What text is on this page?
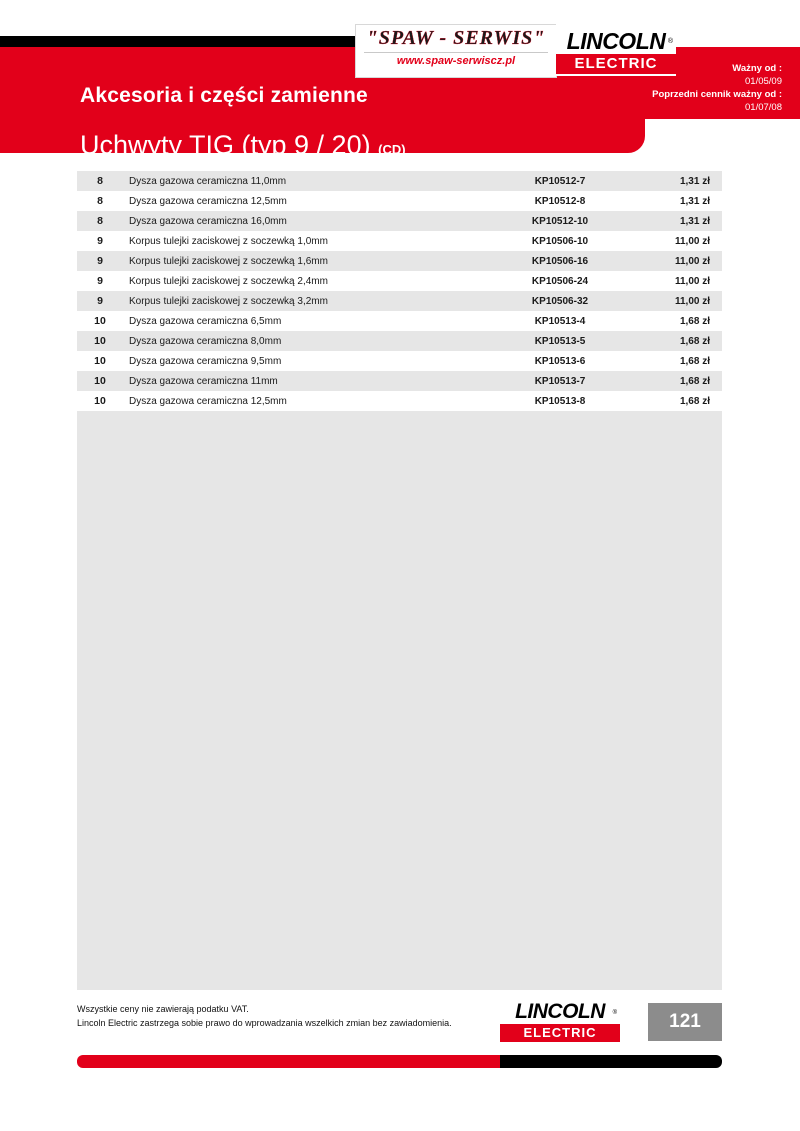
Akcesoria i części zamienne
Uchwyty TIG (typ 9 / 20) (CD)
Ważny od :
01/05/09
Poprzedni cennik ważny od :
01/07/08
"SPAW - SERWIS"
www.spaw-serwiscz.pl
LINCOLN ®
ELECTRIC
8	Dysza gazowa ceramiczna 11,0mm	KP10512-7	1,31 zł
8	Dysza gazowa ceramiczna 12,5mm	KP10512-8	1,31 zł
8	Dysza gazowa ceramiczna 16,0mm	KP10512-10	1,31 zł
9	Korpus tulejki zaciskowej z soczewką 1,0mm	KP10506-10	11,00 zł
9	Korpus tulejki zaciskowej z soczewką 1,6mm	KP10506-16	11,00 zł
9	Korpus tulejki zaciskowej z soczewką 2,4mm	KP10506-24	11,00 zł
9	Korpus tulejki zaciskowej z soczewką 3,2mm	KP10506-32	11,00 zł
10	Dysza gazowa ceramiczna 6,5mm	KP10513-4	1,68 zł
10	Dysza gazowa ceramiczna 8,0mm	KP10513-5	1,68 zł
10	Dysza gazowa ceramiczna 9,5mm	KP10513-6	1,68 zł
10	Dysza gazowa ceramiczna 11mm	KP10513-7	1,68 zł
10	Dysza gazowa ceramiczna 12,5mm	KP10513-8	1,68 zł
Wszystkie ceny nie zawierają podatku VAT.
Lincoln Electric zastrzega sobie prawo do wprowadzania wszelkich zmian bez zawiadomienia.	LINCOLN	®
ELECTRIC
121
